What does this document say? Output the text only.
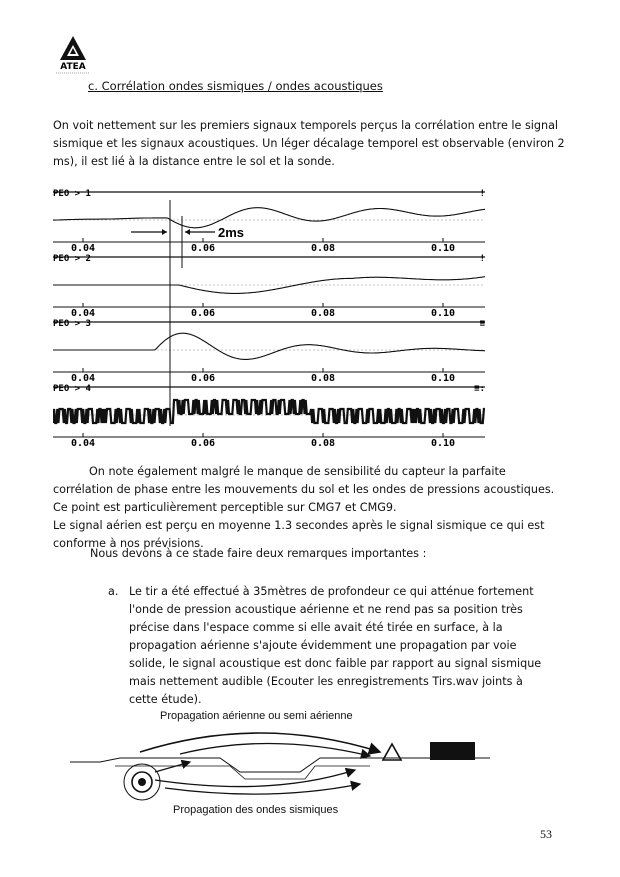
ATEA
c. Corrélation ondes sismiques / ondes acoustiques

On voit nettement sur les premiers signaux temporels perçus la corrélation entre le signal sismique et les signaux acoustiques. Un léger décalage temporel est observable (environ 2 ms), il est lié à la distance entre le sol et la sonde.

PEO > 1	!
0.04	0.06	0.08	0.10
PEO > 2	!
0.04	0.06	0.08	0.10
PEO > 3	≡
0.04	0.06	0.08	0.10
PEO > 4	≡:
0.04	0.06	0.08	0.10
2ms
On note également malgré le manque de sensibilité du capteur la parfaite corrélation de phase entre les mouvements du sol et les ondes de pressions acoustiques. Ce point est particulièrement perceptible sur CMG7 et CMG9.
Le signal aérien est perçu en moyenne 1.3 secondes après le signal sismique ce qui est conforme à nos prévisions.
Nous devons à ce stade faire deux remarques importantes :
a. Le tir a été effectué à 35mètres de profondeur ce qui atténue fortement l'onde de pression acoustique aérienne et ne rend pas sa position très précise dans l'espace comme si elle avait été tirée en surface, à la propagation aérienne s'ajoute évidemment une propagation par voie solide, le signal acoustique est donc faible par rapport au signal sismique mais nettement audible (Ecouter les enregistrements Tirs.wav joints à cette étude).
Propagation aérienne ou semi aérienne
Propagation des ondes sismiques
53
